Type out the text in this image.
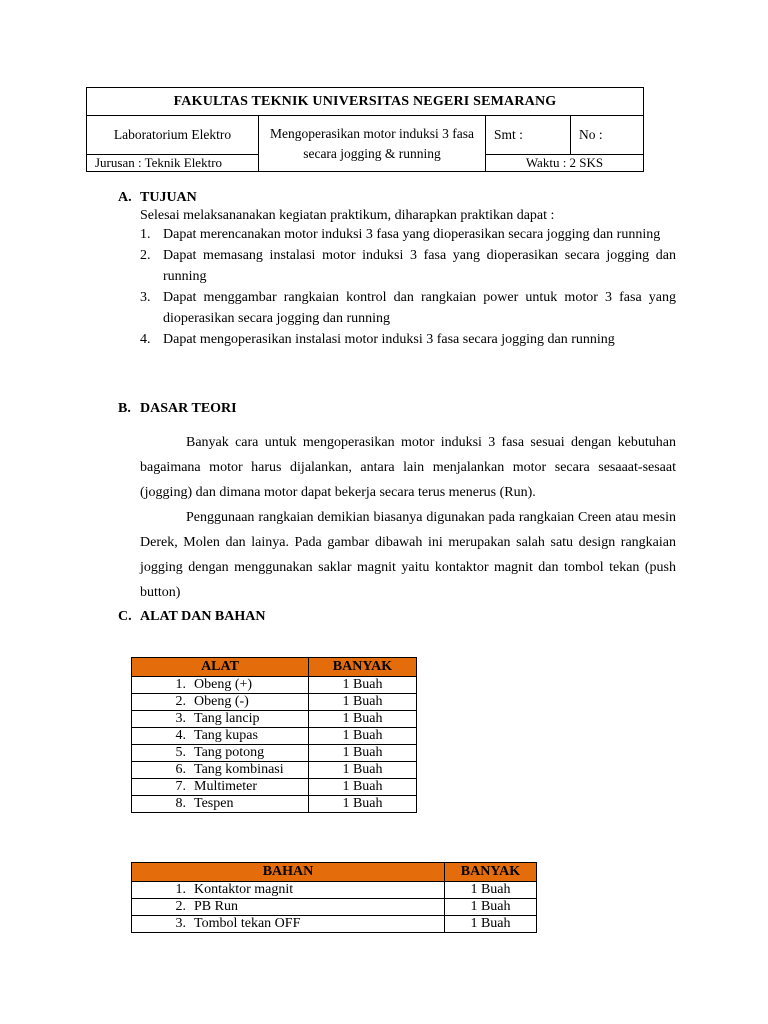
FAKULTAS TEKNIK UNIVERSITAS NEGERI SEMARANG			
Laboratorium Elektro	Mengoperasikan motor induksi 3 fasa secara jogging & running	Smt :	No :
Jurusan : Teknik Elektro		Waktu : 2 SKS	
A. TUJUAN
Selesai melaksananakan kegiatan praktikum, diharapkan praktikan dapat :
1. Dapat merencanakan motor induksi 3 fasa yang dioperasikan secara jogging dan running
2. Dapat memasang instalasi motor induksi 3 fasa yang dioperasikan secara jogging dan running
3. Dapat menggambar rangkaian kontrol dan rangkaian power untuk motor 3 fasa yang dioperasikan secara jogging dan running
4. Dapat mengoperasikan instalasi motor induksi 3 fasa secara jogging dan running
B. DASAR TEORI

Banyak cara untuk mengoperasikan motor induksi 3 fasa sesuai dengan kebutuhan bagaimana motor harus dijalankan, antara lain menjalankan motor secara sesaaat-sesaat (jogging) dan dimana motor dapat bekerja secara terus menerus (Run).

Penggunaan rangkaian demikian biasanya digunakan pada rangkaian Creen atau mesin Derek, Molen dan lainya. Pada gambar dibawah ini merupakan salah satu design rangkaian jogging dengan menggunakan saklar magnit yaitu kontaktor magnit dan tombol tekan (push button)

C. ALAT DAN BAHAN
ALAT	BANYAK
1. Obeng (+)	1 Buah
2. Obeng (-)	1 Buah
3. Tang lancip	1 Buah
4. Tang kupas	1 Buah
5. Tang potong	1 Buah
6. Tang kombinasi	1 Buah
7. Multimeter	1 Buah
8. Tespen	1 Buah
BAHAN	BANYAK
1. Kontaktor magnit	1 Buah
2. PB Run	1 Buah
3. Tombol tekan OFF	1 Buah
